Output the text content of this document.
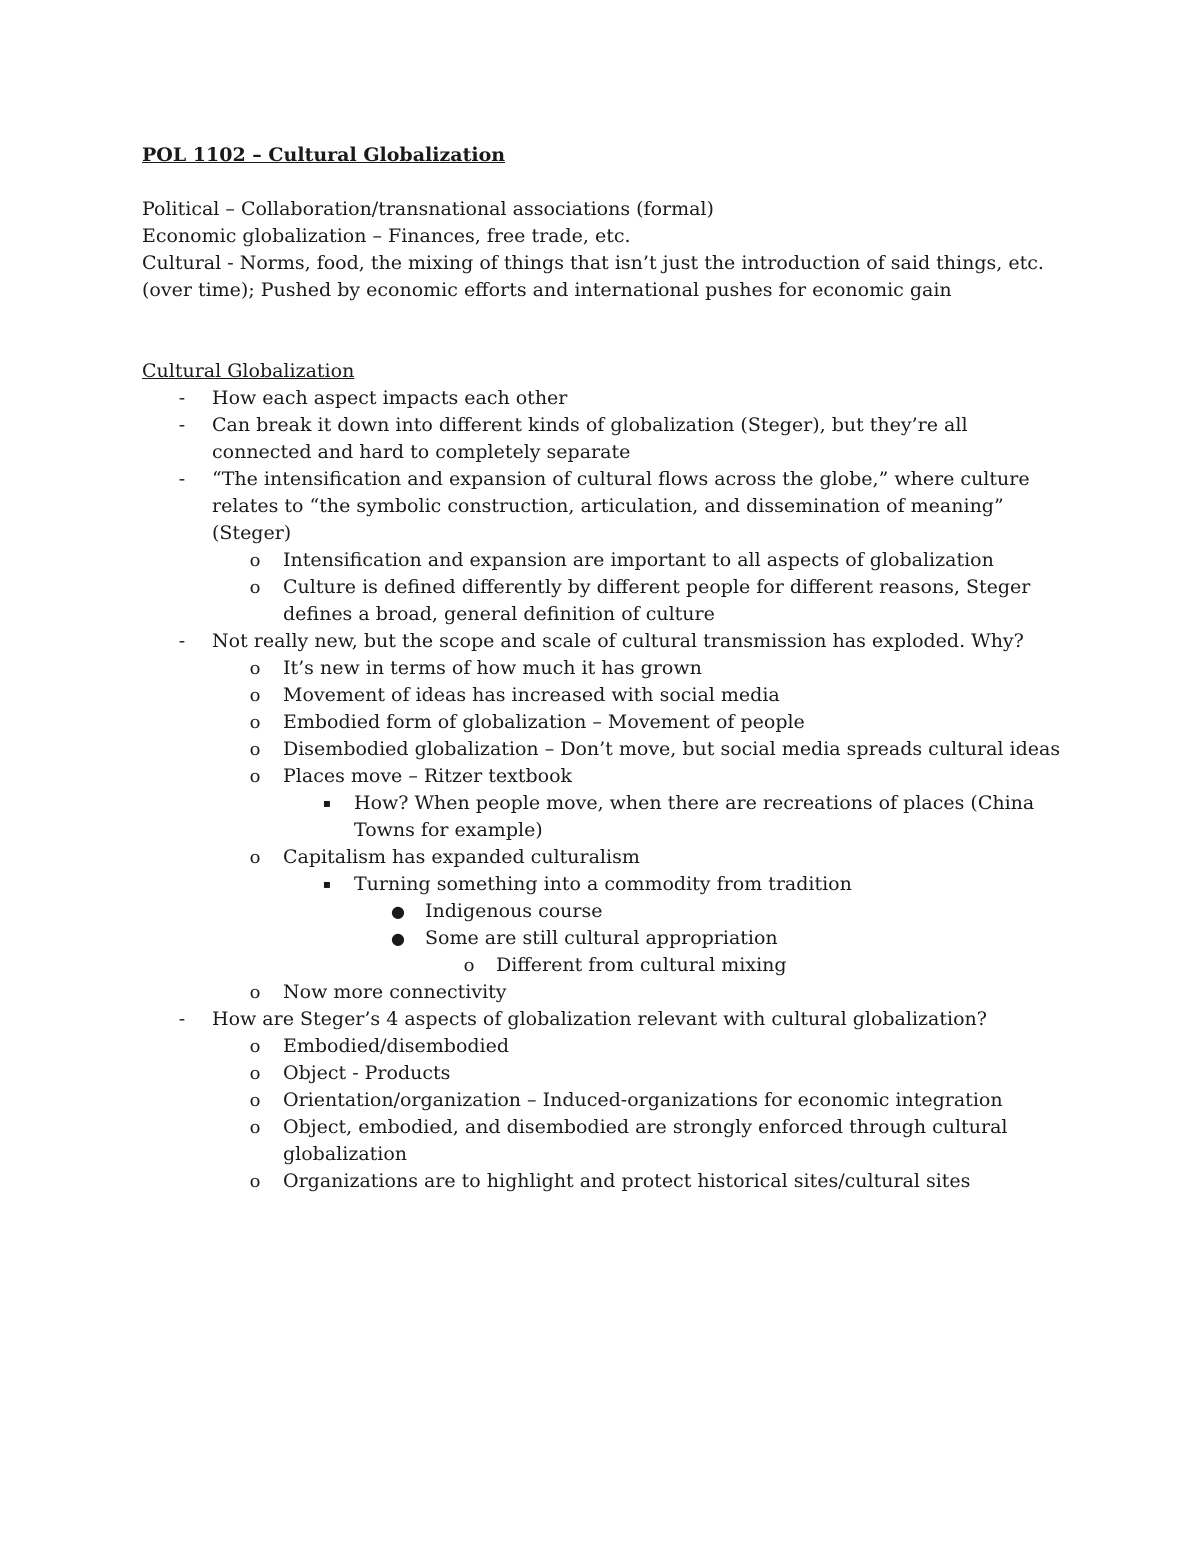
POL 1102 – Cultural Globalization

Political – Collaboration/transnational associations (formal)

Economic globalization – Finances, free trade, etc.

Cultural - Norms, food, the mixing of things that isn’t just the introduction of said things, etc. (over time); Pushed by economic efforts and international pushes for economic gain

Cultural Globalization

-	How each aspect impacts each other
-	Can break it down into different kinds of globalization (Steger), but they’re all connected and hard to completely separate
-	“The intensification and expansion of cultural flows across the globe,” where culture relates to “the symbolic construction, articulation, and dissemination of meaning” (Steger)
o Intensification and expansion are important to all aspects of globalization
o Culture is defined differently by different people for different reasons, Steger defines a broad, general definition of culture
-	Not really new, but the scope and scale of cultural transmission has exploded. Why?
o It’s new in terms of how much it has grown
o Movement of ideas has increased with social media
o Embodied form of globalization – Movement of people
o Disembodied globalization – Don’t move, but social media spreads cultural ideas
o Places move – Ritzer textbook
▪	How? When people move, when there are recreations of places (China Towns for example)
o Capitalism has expanded culturalism
▪	Turning something into a commodity from tradition
● Indigenous course
● Some are still cultural appropriation
o Different from cultural mixing
o Now more connectivity
-	How are Steger’s 4 aspects of globalization relevant with cultural globalization?
o Embodied/disembodied
o Object - Products
o Orientation/organization – Induced-organizations for economic integration
o Object, embodied, and disembodied are strongly enforced through cultural globalization
o Organizations are to highlight and protect historical sites/cultural sites
